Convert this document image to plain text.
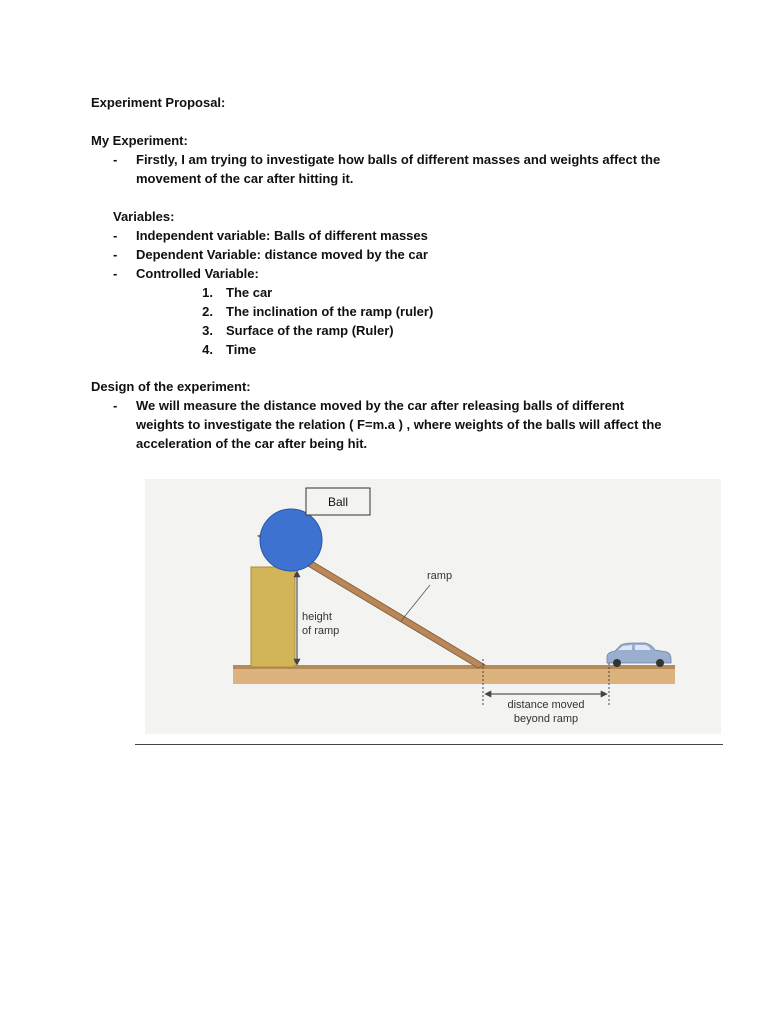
Experiment Proposal:
My Experiment:
- Firstly, I am trying to investigate how balls of different masses and weights affect the
movement of the car after hitting it.
Variables:
- Independent variable: Balls of different masses
- Dependent Variable: distance moved by the car
- Controlled Variable:
1. The car
2. The inclination of the ramp (ruler)
3. Surface of the ramp (Ruler)
4. Time
Design of the experiment:
- We will measure the distance moved by the car after releasing balls of different
weights to investigate the relation ( F=m.a ) , where weights of the balls will affect the
acceleration of the car after being hit.
height
of ramp
ramp
Ball
distance moved
beyond ramp
